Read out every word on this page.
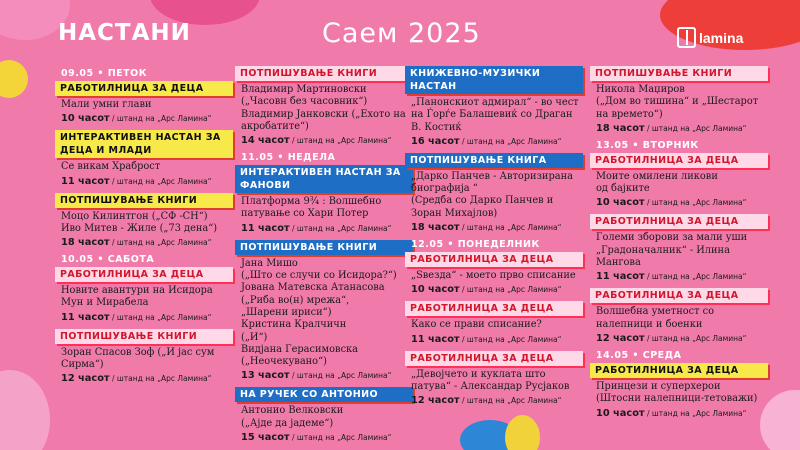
НАСТАНИ	Саем 2025	lamina
09.05 • ПЕТОК
РАБОТИЛНИЦА ЗА ДЕЦА
Мали умни глави
10 часот / штанд на „Арс Ламина“
ИНТЕРАКТИВЕН НАСТАН ЗА ДЕЦА И МЛАДИ
Се викам Храброст
11 часот / штанд на „Арс Ламина“
ПОТПИШУВАЊЕ КНИГИ
Моцо Килинтгон („СФ -СН“)
Иво Митев - Жиле („73 дена“)
18 часот / штанд на „Арс Ламина“
10.05 • САБОТА
РАБОТИЛНИЦА ЗА ДЕЦА
Новите авантури на Исидора Мун и Мирабела
11 часот / штанд на „Арс Ламина“
ПОТПИШУВАЊЕ КНИГИ
Зоран Спасов Зоф („И јас сум Сирма“)
12 часот / штанд на „Арс Ламина“
ПОТПИШУВАЊЕ КНИГИ
Владимир Мартиновски
(„Часовн без часовник“)
Владимир Јанковски („Ехото на акробатите“)
14 часот / штанд на „Арс Ламина“
11.05 • НЕДЕЛА
ИНТЕРАКТИВЕН НАСТАН ЗА ФАНОВИ
Платформа 9¾ : Волшебно патување со Хари Потер
11 часот / штанд на „Арс Ламина“
ПОТПИШУВАЊЕ КНИГИ
Јана Мишо
(„Што се случи со Исидора?“)
Јована Матевска Атанасова
(„Риба во(н) мрежа“,
„Шарени ириси“)
Кристина Кралчичн
(„И“)
Видјана Герасимовска
(„Неочекувано“)
13 часот / штанд на „Арс Ламина“
НА РУЧЕК СО АНТОНИО
Антонио Велковски
(„Ајде да јадеме“)
15 часот / штанд на „Арс Ламина“
КНИЖЕВНО-МУЗИЧКИ НАСТАН
„Панонскиот адмирал“ - во чест на Ѓорѓе Балашевиќ со Драган В. Костиќ
16 часот / штанд на „Арс Ламина“
ПОТПИШУВАЊЕ КНИГА
„Дарко Панчев - Авторизирана биографија “
(Средба со Дарко Панчев и Зоран Михајлов)
18 часот / штанд на „Арс Ламина“
12.05 • ПОНЕДЕЛНИК
РАБОТИЛНИЦА ЗА ДЕЦА
„Ѕвезда“ - моето прво списание
10 часот / штанд на „Арс Ламина“
РАБОТИЛНИЦА ЗА ДЕЦА
Како се прави списание?
11 часот / штанд на „Арс Ламина“
РАБОТИЛНИЦА ЗА ДЕЦА
„Девојчето и куклата што патува“ - Александар Русјаков
12 часот / штанд на „Арс Ламина“
ПОТПИШУВАЊЕ КНИГИ
Никола Маџиров
(„Дом во тишина“ и „Шестарот на времето“)
18 часот / штанд на „Арс Ламина“
13.05 • ВТОРНИК
РАБОТИЛНИЦА ЗА ДЕЦА
Моите омилени ликови
од бајките
10 часот / штанд на „Арс Ламина“
РАБОТИЛНИЦА ЗА ДЕЦА
Големи зборови за мали уши
„Градоначалник“ - Илина Мангова
11 часот / штанд на „Арс Ламина“
РАБОТИЛНИЦА ЗА ДЕЦА
Волшебна уметност со налепници и боенки
12 часот / штанд на „Арс Ламина“
14.05 • СРЕДА
РАБОТИЛНИЦА ЗА ДЕЦА
Принцези и суперхерои
(Штосни налепници-тетоважи)
10 часот / штанд на „Арс Ламина“
